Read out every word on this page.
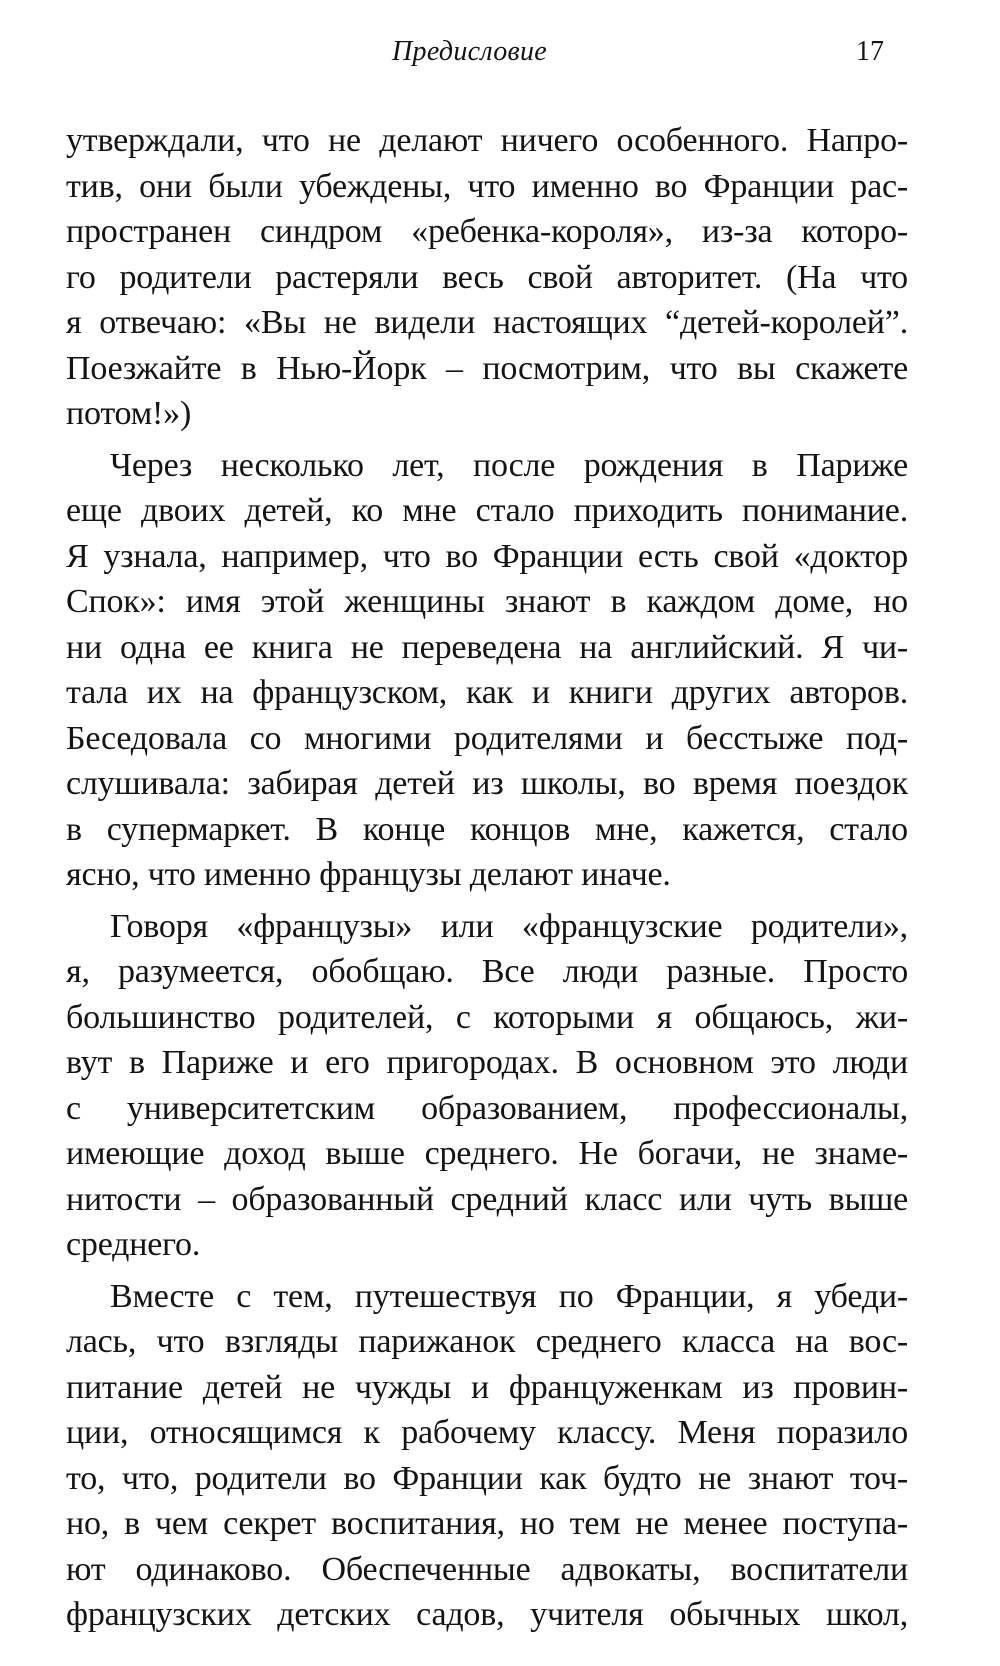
Предисловие	17
утверждали, что не делают ничего особенного. Напро-
тив, они были убеждены, что именно во Франции рас-
пространен синдром «ребенка-короля», из-за которо-
го родители растеряли весь свой авторитет. (На что
я отвечаю: «Вы не видели настоящих “детей-королей”.
Поезжайте в Нью-Йорк – посмотрим, что вы скажете
потом!»)
Через несколько лет, после рождения в Париже
еще двоих детей, ко мне стало приходить понимание.
Я узнала, например, что во Франции есть свой «доктор
Спок»: имя этой женщины знают в каждом доме, но
ни одна ее книга не переведена на английский. Я чи-
тала их на французском, как и книги других авторов.
Беседовала со многими родителями и бесстыже под-
слушивала: забирая детей из школы, во время поездок
в супермаркет. В конце концов мне, кажется, стало
ясно, что именно французы делают иначе.
Говоря «французы» или «французские родители»,
я, разумеется, обобщаю. Все люди разные. Просто
большинство родителей, с которыми я общаюсь, жи-
вут в Париже и его пригородах. В основном это люди
с университетским образованием, профессионалы,
имеющие доход выше среднего. Не богачи, не знаме-
нитости – образованный средний класс или чуть выше
среднего.
Вместе с тем, путешествуя по Франции, я убеди-
лась, что взгляды парижанок среднего класса на вос-
питание детей не чужды и француженкам из провин-
ции, относящимся к рабочему классу. Меня поразило
то, что, родители во Франции как будто не знают точ-
но, в чем секрет воспитания, но тем не менее поступа-
ют одинаково. Обеспеченные адвокаты, воспитатели
французских детских садов, учителя обычных школ,
